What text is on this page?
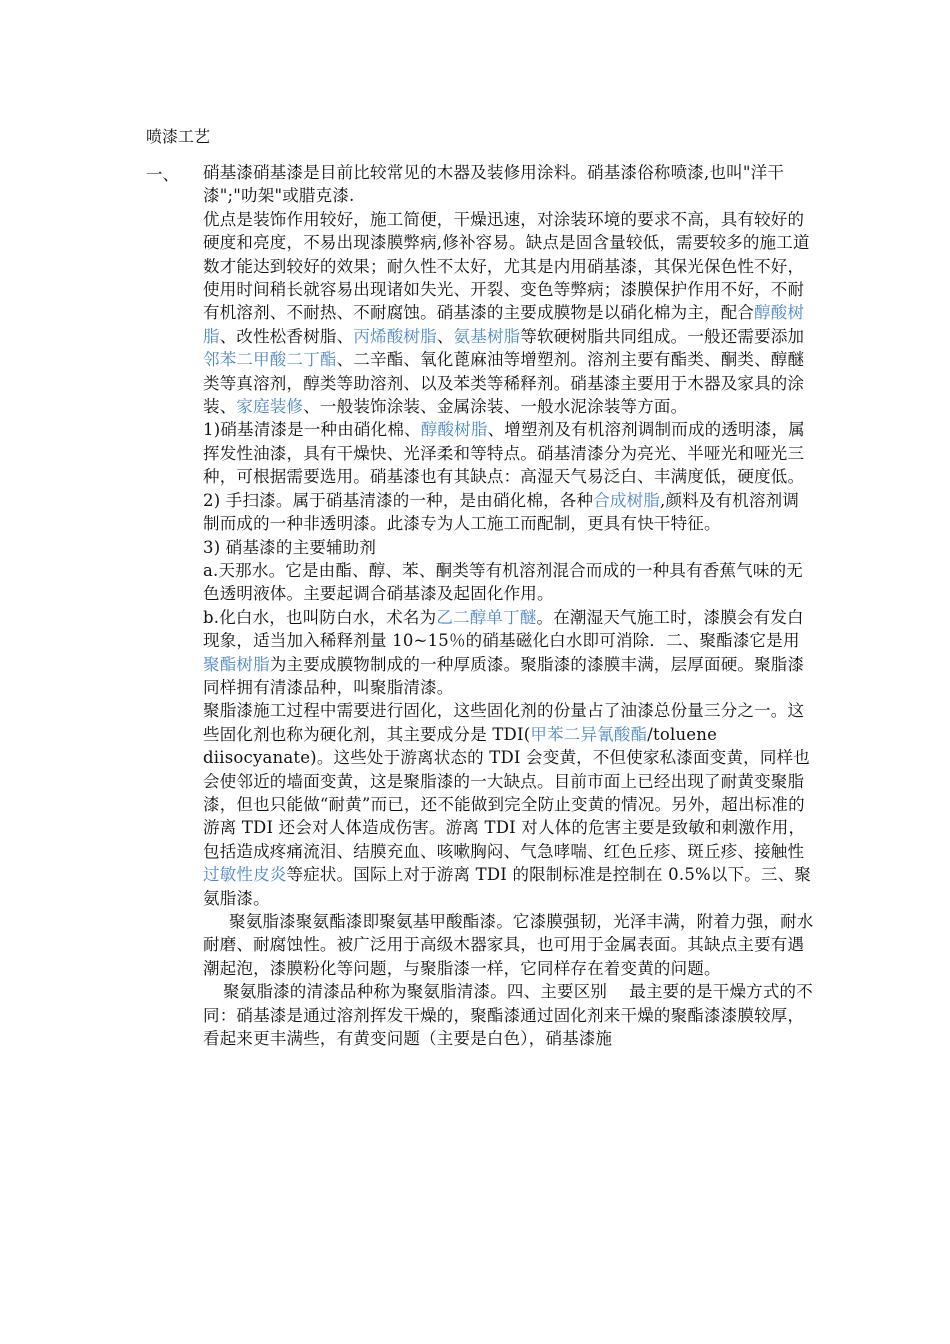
喷漆工艺
一、 硝基漆硝基漆是目前比较常见的木器及装修用涂料。硝基漆俗称喷漆,也叫"洋干漆";"叻架"或腊克漆.

优点是装饰作用较好，施工简便，干燥迅速，对涂装环境的要求不高，具有较好的硬度和亮度，不易出现漆膜弊病,修补容易。缺点是固含量较低，需要较多的施工道数才能达到较好的效果；耐久性不太好，尤其是内用硝基漆，其保光保色性不好，使用时间稍长就容易出现诸如失光、开裂、变色等弊病；漆膜保护作用不好，不耐有机溶剂、不耐热、不耐腐蚀。硝基漆的主要成膜物是以硝化棉为主，配合醇酸树脂、改性松香树脂、丙烯酸树脂、氨基树脂等软硬树脂共同组成。一般还需要添加邻苯二甲酸二丁酯、二辛酯、氧化蓖麻油等增塑剂。溶剂主要有酯类、酮类、醇醚类等真溶剂，醇类等助溶剂、以及苯类等稀释剂。硝基漆主要用于木器及家具的涂装、家庭装修、一般装饰涂装、金属涂装、一般水泥涂装等方面。

1)硝基清漆是一种由硝化棉、醇酸树脂、增塑剂及有机溶剂调制而成的透明漆，属挥发性油漆，具有干燥快、光泽柔和等特点。硝基清漆分为亮光、半哑光和哑光三种，可根据需要选用。硝基漆也有其缺点：高湿天气易泛白、丰满度低，硬度低。

2) 手扫漆。属于硝基清漆的一种，是由硝化棉，各种合成树脂,颜料及有机溶剂调制而成的一种非透明漆。此漆专为人工施工而配制，更具有快干特征。

3) 硝基漆的主要辅助剂

a.天那水。它是由酯、醇、苯、酮类等有机溶剂混合而成的一种具有香蕉气味的无色透明液体。主要起调合硝基漆及起固化作用。

b.化白水，也叫防白水，术名为乙二醇单丁醚。在潮湿天气施工时，漆膜会有发白现象，适当加入稀释剂量 10~15％的硝基磁化白水即可消除．二、聚酯漆它是用聚酯树脂为主要成膜物制成的一种厚质漆。聚脂漆的漆膜丰满，层厚面硬。聚脂漆同样拥有清漆品种，叫聚脂清漆。

聚脂漆施工过程中需要进行固化，这些固化剂的份量占了油漆总份量三分之一。这些固化剂也称为硬化剂，其主要成分是 TDI(甲苯二异氰酸酯/toluene diisocyanate)。这些处于游离状态的 TDI 会变黄，不但使家私漆面变黄，同样也会使邻近的墙面变黄，这是聚脂漆的一大缺点。目前市面上已经出现了耐黄变聚脂漆，但也只能做“耐黄”而已，还不能做到完全防止变黄的情况。另外，超出标准的游离 TDI 还会对人体造成伤害。游离 TDI 对人体的危害主要是致敏和刺激作用，包括造成疼痛流泪、结膜充血、咳嗽胸闷、气急哮喘、红色丘疹、斑丘疹、接触性过敏性皮炎等症状。国际上对于游离 TDI 的限制标准是控制在 0.5%以下。三、聚氨脂漆。

聚氨脂漆聚氨酯漆即聚氨基甲酸酯漆。它漆膜强韧，光泽丰满，附着力强，耐水耐磨、耐腐蚀性。被广泛用于高级木器家具，也可用于金属表面。其缺点主要有遇潮起泡，漆膜粉化等问题，与聚脂漆一样，它同样存在着变黄的问题。

聚氨脂漆的清漆品种称为聚氨脂清漆。四、主要区别　 最主要的是干燥方式的不同：硝基漆是通过溶剂挥发干燥的，聚酯漆通过固化剂来干燥的聚酯漆漆膜较厚，看起来更丰满些，有黄变问题（主要是白色），硝基漆施
